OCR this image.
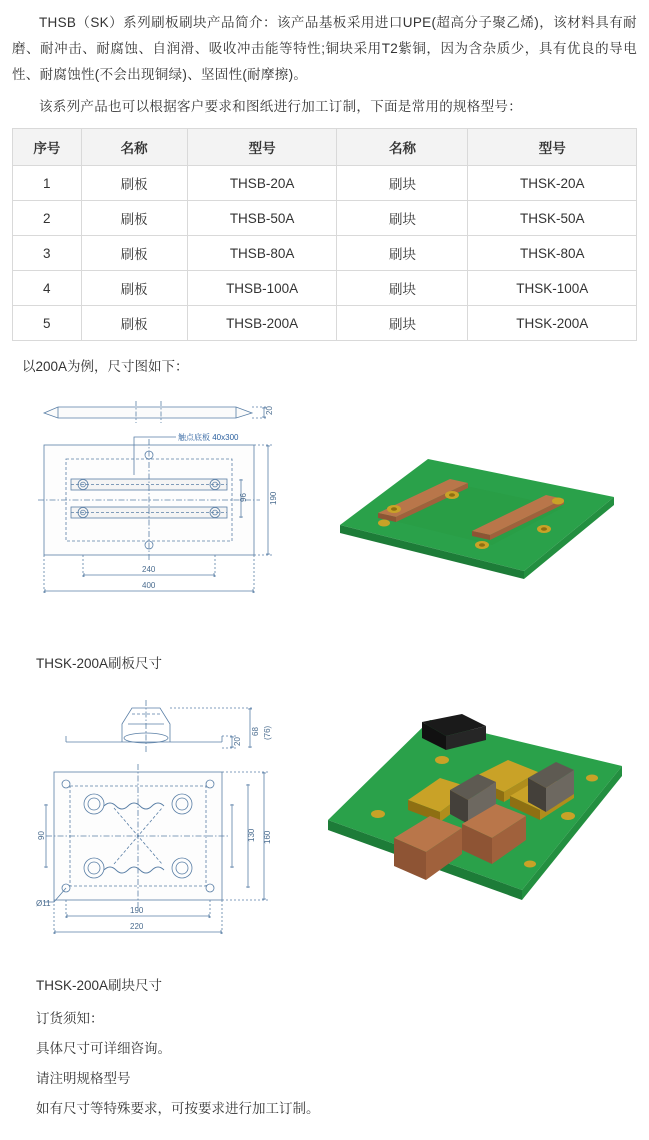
THSB（SK）系列刷板刷块产品简介：该产品基板采用进口UPE(超高分子聚乙烯)，该材料具有耐磨、耐冲击、耐腐蚀、自润滑、吸收冲击能等特性;铜块采用T2紫铜，因为含杂质少，具有优良的导电性、耐腐蚀性(不会出现铜绿)、坚固性(耐摩擦)。

该系列产品也可以根据客户要求和图纸进行加工订制，下面是常用的规格型号：

序号	名称	型号	名称	型号
1	刷板	THSB-20A	刷块	THSK-20A
2	刷板	THSB-50A	刷块	THSK-50A
3	刷板	THSB-80A	刷块	THSK-80A
4	刷板	THSB-100A	刷块	THSK-100A
5	刷板	THSB-200A	刷块	THSK-200A
以200A为例，尺寸图如下：
20
触点底板 40x300
96	190
240
400
THSK-200A刷板尺寸
20
68 (76)
90
Ø11
130 160
190
220
THSK-200A刷块尺寸

订货须知：

具体尺寸可详细咨询。

请注明规格型号

如有尺寸等特殊要求，可按要求进行加工订制。
